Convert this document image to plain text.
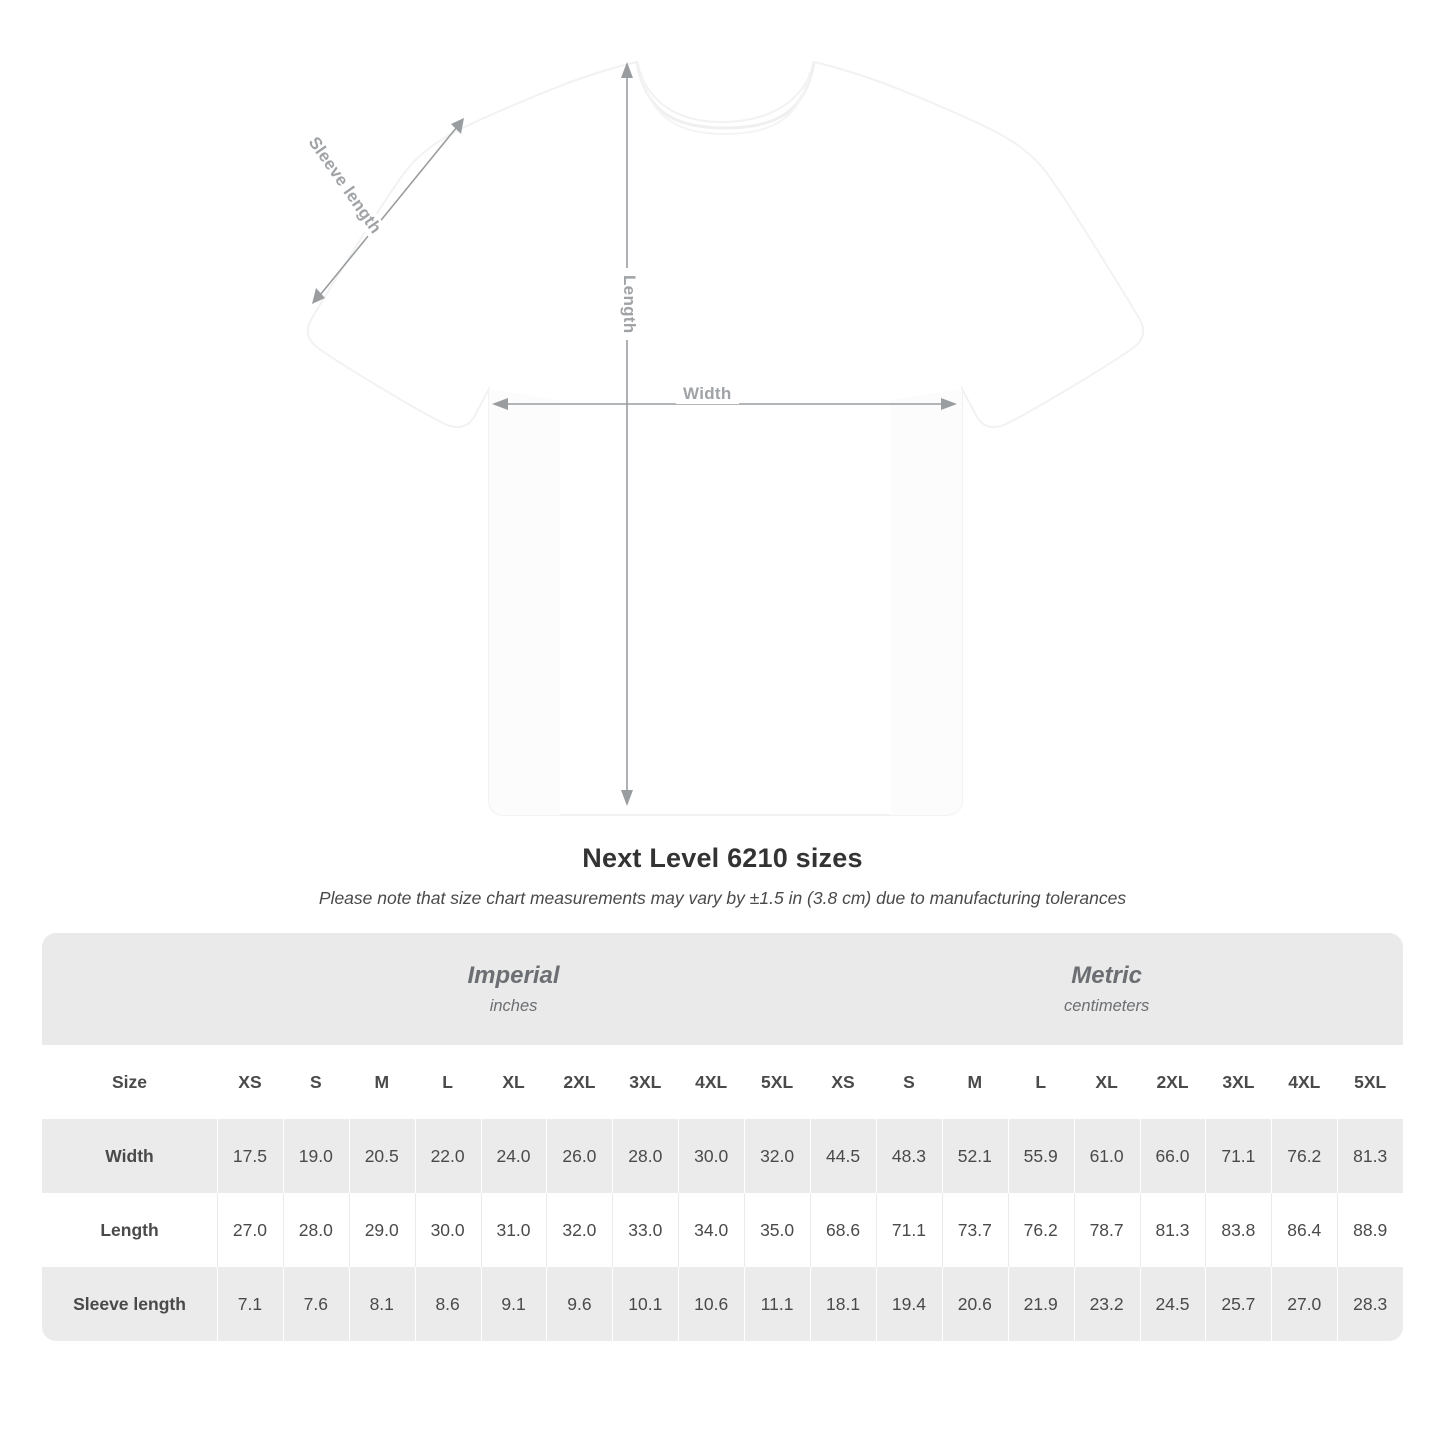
Width
Length
Sleeve length
Next Level 6210 sizes
Please note that size chart measurements may vary by ±1.5 in (3.8 cm) due to manufacturing tolerances

	Imperial
inches									Metric
centimeters								

Size	XS	S	M	L	XL	2XL	3XL	4XL	5XL	XS	S	M	L	XL	2XL	3XL	4XL	5XL
Width	17.5	19.0	20.5	22.0	24.0	26.0	28.0	30.0	32.0	44.5	48.3	52.1	55.9	61.0	66.0	71.1	76.2	81.3
Length	27.0	28.0	29.0	30.0	31.0	32.0	33.0	34.0	35.0	68.6	71.1	73.7	76.2	78.7	81.3	83.8	86.4	88.9
Sleeve length	7.1	7.6	8.1	8.6	9.1	9.6	10.1	10.6	11.1	18.1	19.4	20.6	21.9	23.2	24.5	25.7	27.0	28.3
